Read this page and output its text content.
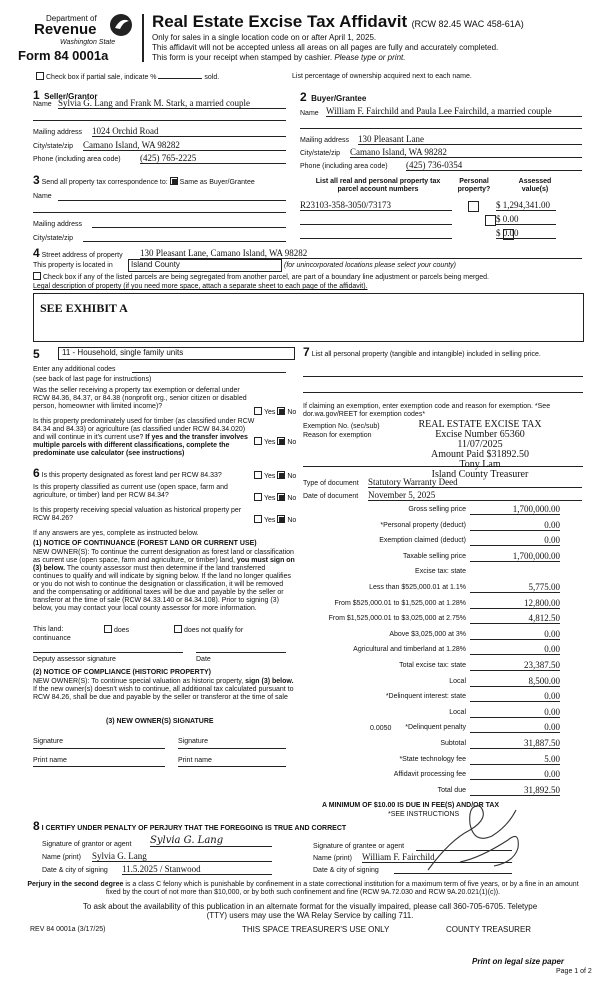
Department of
Revenue
Washington State
Form 84 0001a
Real Estate Excise Tax Affidavit (RCW 82.45 WAC 458-61A)
Only for sales in a single location code on or after April 1, 2025.
This affidavit will not be accepted unless all areas on all pages are fully and accurately completed.
This form is your receipt when stamped by cashier. Please type or print.
Check box if partial sale, indicate %	sold.	List percentage of ownership acquired next to each name.
1 Seller/Grantor
Name Sylvia G. Lang and Frank M. Stark, a married couple
Mailing address 1024 Orchid Road
City/state/zip Camano Island, WA 98282
Phone (including area code) (425) 765-2225
2 Buyer/Grantee
Name William F. Fairchild and Paula Lee Fairchild, a married couple
Mailing address 130 Pleasant Lane
City/state/zip Camano Island, WA 98282
Phone (including area code) (425) 736-0354
3 Send all property tax correspondence to: Same as Buyer/Grantee
Name
Mailing address
City/state/zip
List all real and personal property tax parcel account numbers
Personal property?
Assessed value(s)
R23103-358-3050/73173
	$ 1,294,341.00
$ 0.00
$ 0.00
4 Street address of property 130 Pleasant Lane, Camano Island, WA 98282
This property is located in	Island County	(for unincorporated locations please select your county)
Check box if any of the listed parcels are being segregated from another parcel, are part of a boundary line adjustment or parcels being merged.
Legal description of property (if you need more space, attach a separate sheet to each page of the affidavit).
SEE EXHIBIT A
5	11 - Household, single family units
Enter any additional codes
(see back of last page for instructions)
Was the seller receiving a property tax exemption or deferral under RCW 84.36, 84.37, or 84.38 (nonprofit org., senior citizen or disabled person, homeowner with limited income)?
Yes No
Is this property predominately used for timber (as classified under RCW 84.34 and 84.33) or agriculture (as classified under RCW 84.34.020) and will continue in it's current use? If yes and the transfer involves multiple parcels with different classifications, complete the predominate use calculator (see instructions)
Yes No
6 Is this property designated as forest land per RCW 84.33?	Yes No
Is this property classified as current use (open space, farm and agriculture, or timber) land per RCW 84.34?	Yes No
Is this property receiving special valuation as historical property per RCW 84.26?	Yes No
If any answers are yes, complete as instructed below.
(1) NOTICE OF CONTINUANCE (FOREST LAND OR CURRENT USE)
NEW OWNER(S): To continue the current designation as forest land or classification as current use (open space, farm and agriculture, or timber) land, you must sign on (3) below. The county assessor must then determine if the land transferred continues to qualify and will indicate by signing below. If the land no longer qualifies or you do not wish to continue the designation or classification, it will be removed and the compensating or additional taxes will be due and payable by the seller or transferor at the time of sale (RCW 84.33.140 or 84.34.108). Prior to signing (3) below, you may contact your local county assessor for more information.
This land:	does	does not qualify for
continuance
Deputy assessor signature	Date
(2) NOTICE OF COMPLIANCE (HISTORIC PROPERTY)
NEW OWNER(S): To continue special valuation as historic property, sign (3) below. If the new owner(s) doesn't wish to continue, all additional tax calculated pursuant to RCW 84.26, shall be due and payable by the seller or transferor at the time of sale
(3) NEW OWNER(S) SIGNATURE
Signature	Signature
Print name	Print name
7 List all personal property (tangible and intangible) included in selling price.
If claiming an exemption, enter exemption code and reason for exemption. *See dor.wa.gov/REET for exemption codes*
Exemption No. (sec/sub)
Reason for exemption
REAL ESTATE EXCISE TAX
Excise Number 65360
11/07/2025
Amount Paid $31892.50
Tony Lam
Island County Treasurer
Type of document Statutory Warranty Deed
Date of document November 5, 2025
Gross selling price	1,700,000.00
*Personal property (deduct)	0.00
Exemption claimed (deduct)	0.00
Taxable selling price	1,700,000.00
Excise tax: state
Less than $525,000.01 at 1.1%	5,775.00
From $525,000.01 to $1,525,000 at 1.28%	12,800.00
From $1,525,000.01 to $3,025,000 at 2.75%	4,812.50
Above $3,025,000 at 3%	0.00
Agricultural and timberland at 1.28%	0.00
Total excise tax: state	23,387.50
Local	8,500.00
*Delinquent interest: state	0.00
Local	0.00
*Delinquent penalty	0.00
Subtotal	31,887.50
*State technology fee	5.00
Affidavit processing fee	0.00
Total due	31,892.50
0.0050
A MINIMUM OF $10.00 IS DUE IN FEE(S) AND/OR TAX
*SEE INSTRUCTIONS
8 I CERTIFY UNDER PENALTY OF PERJURY THAT THE FOREGOING IS TRUE AND CORRECT
Signature of grantor or agent Sylvia G. Lang
Name (print) Sylvia G. Lang
Date & city of signing 11.5.2025 / Stanwood
Signature of grantee or agent
Name (print) William F. Fairchild
Date & city of signing
Perjury in the second degree is a class C felony which is punishable by confinement in a state correctional institution for a maximum term of five years, or by a fine in an amount fixed by the court of not more than $10,000, or by both such confinement and fine (RCW 9A.72.030 and RCW 9A.20.021(1)(c)).
To ask about the availability of this publication in an alternate format for the visually impaired, please call 360-705-6705. Teletype
(TTY) users may use the WA Relay Service by calling 711.
REV 84 0001a (3/17/25)	THIS SPACE TREASURER'S USE ONLY	COUNTY TREASURER
Print on legal size paper
Page 1 of 2
